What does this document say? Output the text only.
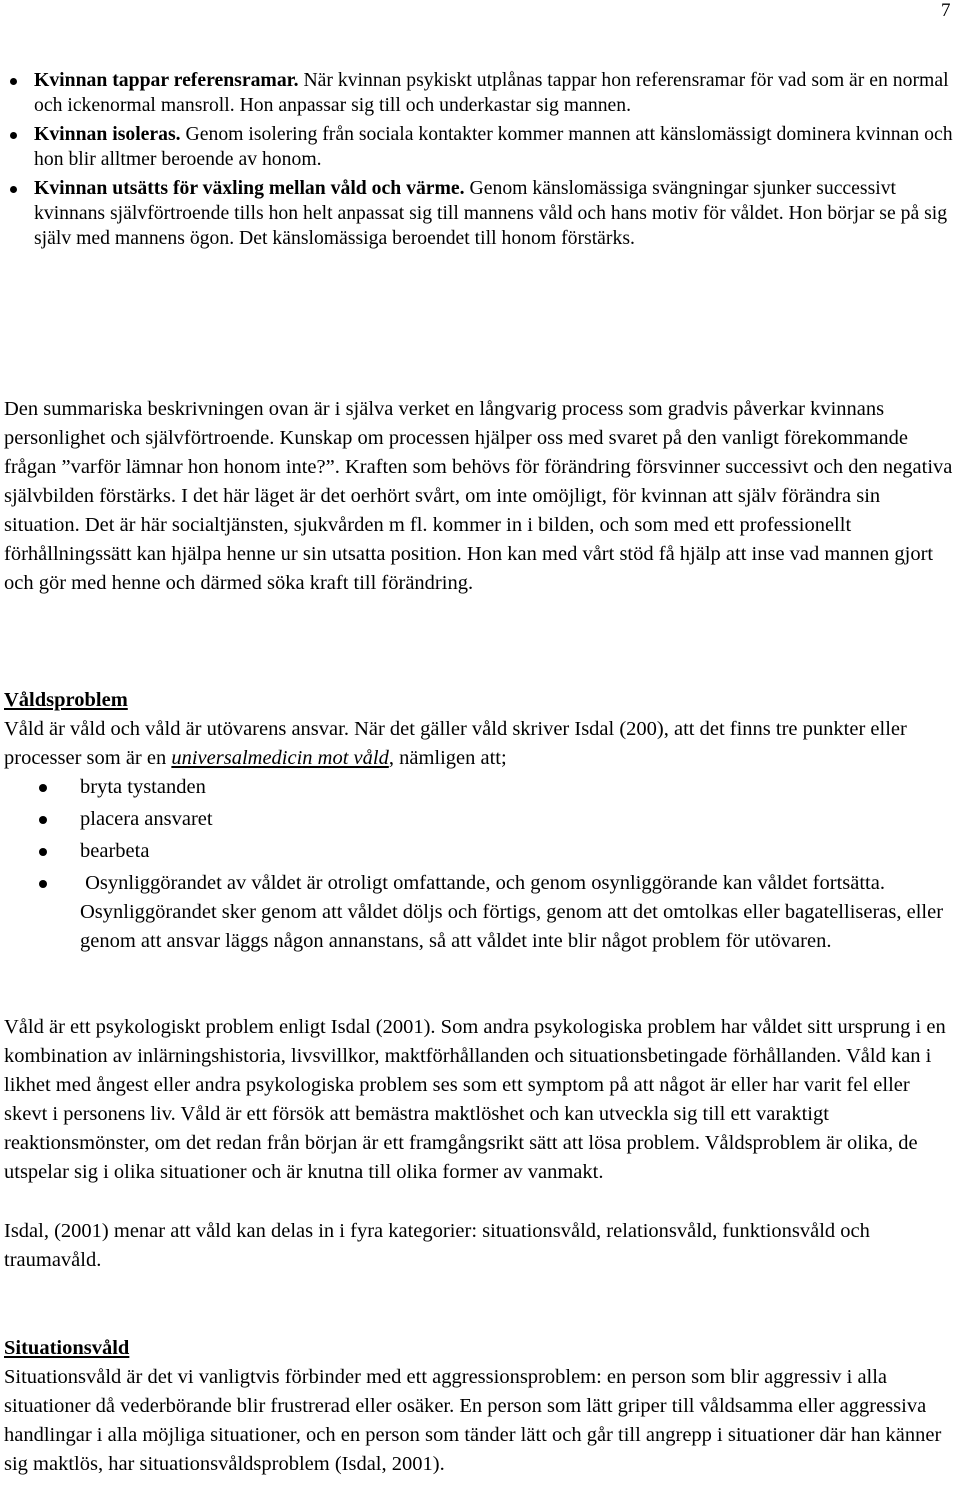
7
Kvinnan tappar referensramar. När kvinnan psykiskt utplånas tappar hon referensramar för vad som är en normal och ickenormal mansroll. Hon anpassar sig till och underkastar sig mannen.
Kvinnan isoleras. Genom isolering från sociala kontakter kommer mannen att känslomässigt dominera kvinnan och hon blir alltmer beroende av honom.
Kvinnan utsätts för växling mellan våld och värme. Genom känslomässiga svängningar sjunker successivt kvinnans självförtroende tills hon helt anpassat sig till mannens våld och hans motiv för våldet. Hon börjar se på sig själv med mannens ögon. Det känslomässiga beroendet till honom förstärks.

Den summariska beskrivningen ovan är i själva verket en långvarig process som gradvis påverkar kvinnans personlighet och självförtroende. Kunskap om processen hjälper oss med svaret på den vanligt förekommande frågan ”varför lämnar hon honom inte?”. Kraften som behövs för förändring försvinner successivt och den negativa självbilden förstärks. I det här läget är det oerhört svårt, om inte omöjligt, för kvinnan att själv förändra sin situation. Det är här socialtjänsten, sjukvården m fl. kommer in i bilden, och som med ett professionellt förhållningssätt kan hjälpa henne ur sin utsatta position. Hon kan med vårt stöd få hjälp att inse vad mannen gjort och gör med henne och därmed söka kraft till förändring.

Våldsproblem

Våld är våld och våld är utövarens ansvar. När det gäller våld skriver Isdal (200), att det finns tre punkter eller processer som är en universalmedicin mot våld, nämligen att;

bryta tystanden
placera ansvaret
bearbeta
Osynliggörandet av våldet är otroligt omfattande, och genom osynliggörande kan våldet fortsätta. Osynliggörandet sker genom att våldet döljs och förtigs, genom att det omtolkas eller bagatelliseras, eller genom att ansvar läggs någon annanstans, så att våldet inte blir något problem för utövaren.

Våld är ett psykologiskt problem enligt Isdal (2001). Som andra psykologiska problem har våldet sitt ursprung i en kombination av inlärningshistoria, livsvillkor, maktförhållanden och situationsbetingade förhållanden. Våld kan i likhet med ångest eller andra psykologiska problem ses som ett symptom på att något är eller har varit fel eller skevt i personens liv. Våld är ett försök att bemästra maktlöshet och kan utveckla sig till ett varaktigt reaktionsmönster, om det redan från början är ett framgångsrikt sätt att lösa problem. Våldsproblem är olika, de utspelar sig i olika situationer och är knutna till olika former av vanmakt.

Isdal, (2001) menar att våld kan delas in i fyra kategorier: situationsvåld, relationsvåld, funktionsvåld och traumavåld.

Situationsvåld

Situationsvåld är det vi vanligtvis förbinder med ett aggressionsproblem: en person som blir aggressiv i alla situationer då vederbörande blir frustrerad eller osäker. En person som lätt griper till våldsamma eller aggressiva handlingar i alla möjliga situationer, och en person som tänder lätt och går till angrepp i situationer där han känner sig maktlös, har situationsvåldsproblem (Isdal, 2001).
